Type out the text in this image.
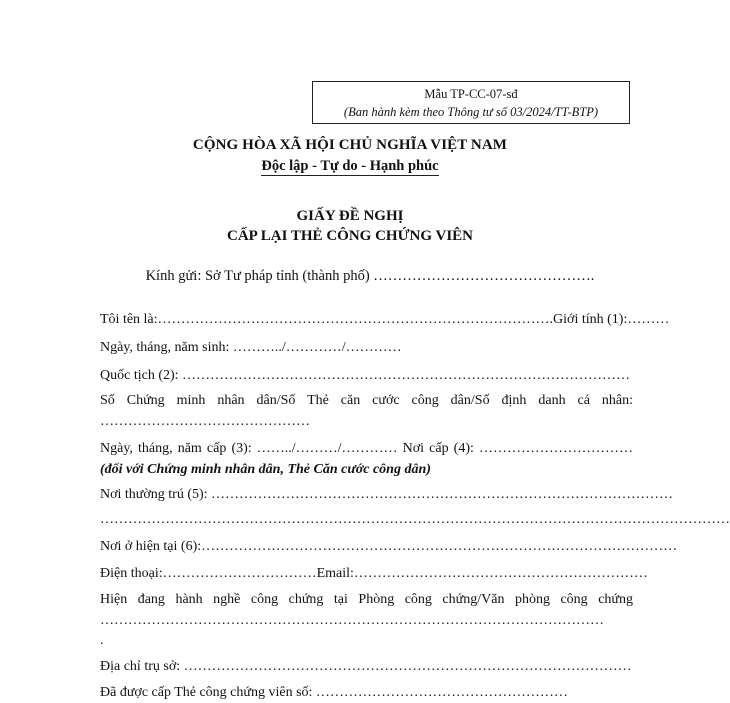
Mẫu TP-CC-07-sđ
(Ban hành kèm theo Thông tư số 03/2024/TT-BTP)
CỘNG HÒA XÃ HỘI CHỦ NGHĨA VIỆT NAM
Độc lập - Tự do - Hạnh phúc
GIẤY ĐỀ NGHỊ
CẤP LẠI THẺ CÔNG CHỨNG VIÊN
Kính gửi: Sở Tư pháp tỉnh (thành phố) ……………………………………….
Tôi tên là:…………………………………………………………………………. Giới tính (1):………
Ngày, tháng, năm sinh: ………../…………/…………
Quốc tịch (2): ……………………………………………………………………………………
Số Chứng minh nhân dân/Số Thẻ căn cước công dân/Số định danh cá nhân: ………………………………………
Ngày, tháng, năm cấp (3): ……../………/………… Nơi cấp (4): …………………………… (đối với Chứng minh nhân dân, Thẻ Căn cước công dân)
Nơi thường trú (5): ………………………………………………………………………………………
………………………………………………………………………………………………………………………
Nơi ở hiện tại (6):…………………………………………………………………………………………
Điện thoại:…………………………… Email:………………………………………………………
Hiện đang hành nghề công chứng tại Phòng công chứng/Văn phòng công chứng ………………………………………………………………………………………………
.
Địa chỉ trụ sở: ……………………………………………………………………………………
Đã được cấp Thẻ công chứng viên số: ………………………………………………
